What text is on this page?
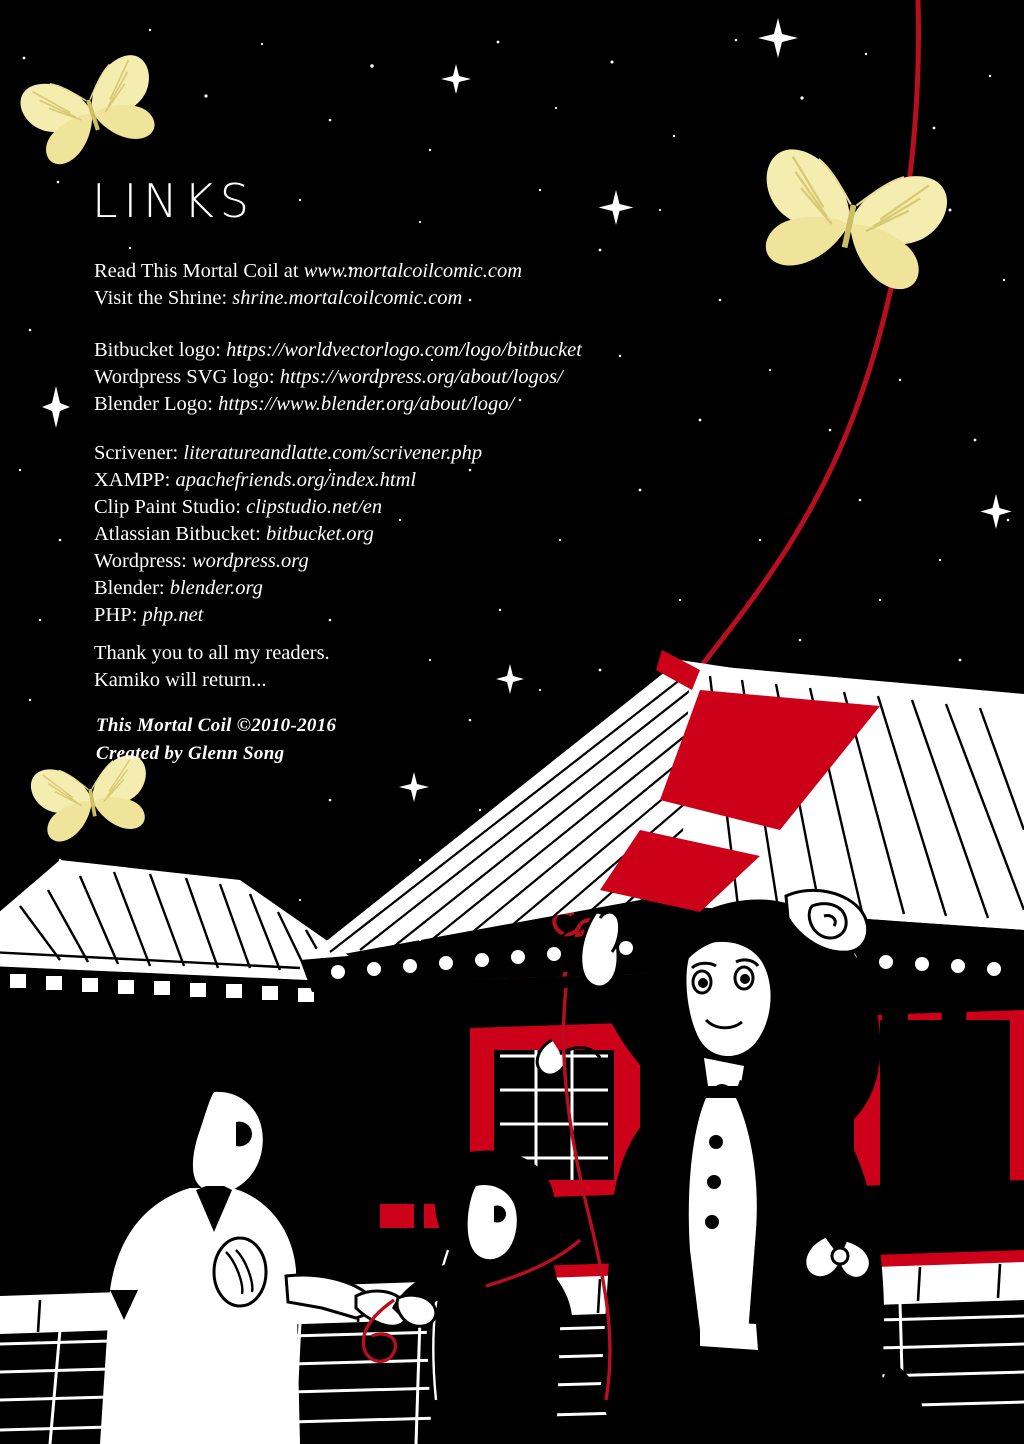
LINKS
Read This Mortal Coil at www.mortalcoilcomic.com
Visit the Shrine: shrine.mortalcoilcomic.com
Bitbucket logo: https://worldvectorlogo.com/logo/bitbucket
Wordpress SVG logo: https://wordpress.org/about/logos/
Blender Logo: https://www.blender.org/about/logo/
Scrivener: literatureandlatte.com/scrivener.php
XAMPP: apachefriends.org/index.html
Clip Paint Studio: clipstudio.net/en
Atlassian Bitbucket: bitbucket.org
Wordpress: wordpress.org
Blender: blender.org
PHP: php.net
Thank you to all my readers.
Kamiko will return...
This Mortal Coil ©2010-2016
Created by Glenn Song
